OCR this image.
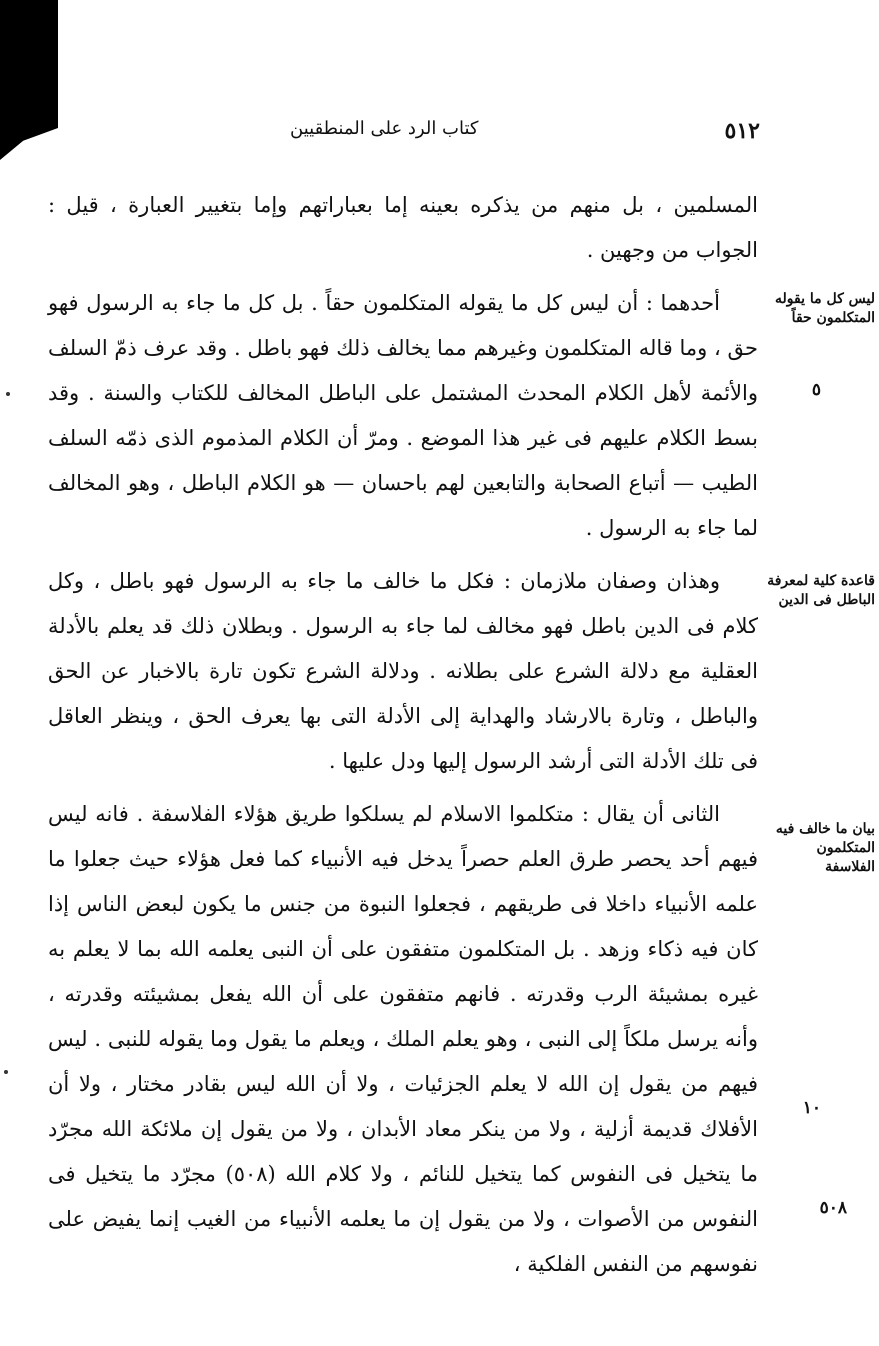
٥١٢
كتاب الرد على المنطقيين
ليس كل ما يقوله المتكلمون حقاً
٥
قاعدة كلية لمعرفة الباطل فى الدين
بيان ما خالف فيه المتكلمون الفلاسفة
١٠
٥٠٨

المسلمين ، بل منهم من يذكره بعينه إما بعباراتهم وإما بتغيير العبارة ، قيل : الجواب من وجهين .

أحدهما : أن ليس كل ما يقوله المتكلمون حقاً . بل كل ما جاء به الرسول فهو حق ، وما قاله المتكلمون وغيرهم مما يخالف ذلك فهو باطل . وقد عرف ذمّ السلف والأئمة لأهل الكلام المحدث المشتمل على الباطل المخالف للكتاب والسنة . وقد بسط الكلام عليهم فى غير هذا الموضع . ومرّ أن الكلام المذموم الذى ذمّه السلف الطيب — أتباع الصحابة والتابعين لهم باحسان — هو الكلام الباطل ، وهو المخالف لما جاء به الرسول .

وهذان وصفان ملازمان : فكل ما خالف ما جاء به الرسول فهو باطل ، وكل كلام فى الدين باطل فهو مخالف لما جاء به الرسول . وبطلان ذلك قد يعلم بالأدلة العقلية مع دلالة الشرع على بطلانه . ودلالة الشرع تكون تارة بالاخبار عن الحق والباطل ، وتارة بالارشاد والهداية إلى الأدلة التى بها يعرف الحق ، وينظر العاقل فى تلك الأدلة التى أرشد الرسول إليها ودل عليها .

الثانى أن يقال : متكلموا الاسلام لم يسلكوا طريق هؤلاء الفلاسفة . فانه ليس فيهم أحد يحصر طرق العلم حصراً يدخل فيه الأنبياء كما فعل هؤلاء حيث جعلوا ما علمه الأنبياء داخلا فى طريقهم ، فجعلوا النبوة من جنس ما يكون لبعض الناس إذا كان فيه ذكاء وزهد . بل المتكلمون متفقون على أن النبى يعلمه الله بما لا يعلم به غيره بمشيئة الرب وقدرته . فانهم متفقون على أن الله يفعل بمشيئته وقدرته ، وأنه يرسل ملكاً إلى النبى ، وهو يعلم الملك ، ويعلم ما يقول وما يقوله للنبى . ليس فيهم من يقول إن الله لا يعلم الجزئيات ، ولا أن الله ليس بقادر مختار ، ولا أن الأفلاك قديمة أزلية ، ولا من ينكر معاد الأبدان ، ولا من يقول إن ملائكة الله مجرّد ما يتخيل فى النفوس كما يتخيل للنائم ، ولا كلام الله (٥٠٨) مجرّد ما يتخيل فى النفوس من الأصوات ، ولا من يقول إن ما يعلمه الأنبياء من الغيب إنما يفيض على نفوسهم من النفس الفلكية ،
